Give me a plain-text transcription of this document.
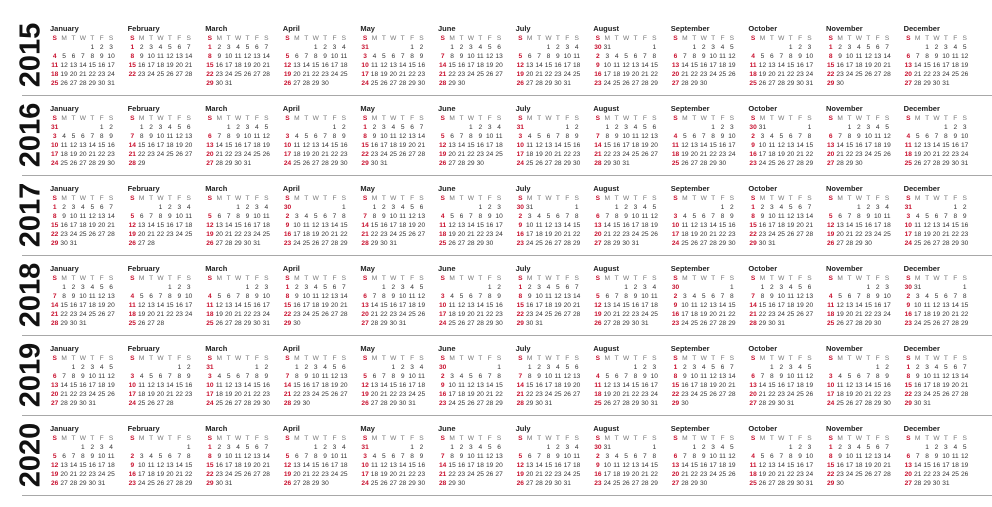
2015 January
S M T W T F S
1 2 3
4 5 6 7 8 9 10
11 12 13 14 15 16 17
18 19 20 21 22 23 24
25 26 27 28 29 30 31
February
S M T W T F S
1 2 3 4 5 6 7
8 9 10 11 12 13 14
15 16 17 18 19 20 21
22 23 24 25 26 27 28
March
S M T W T F S
1 2 3 4 5 6 7
8 9 10 11 12 13 14
15 16 17 18 19 20 21
22 23 24 25 26 27 28
29 30 31
April
S M T W T F S
1 2 3 4
5 6 7 8 9 10 11
12 13 14 15 16 17 18
19 20 21 22 23 24 25
26 27 28 29 30
May
S M T W T F S
1 2
3 4 5 6 7 8 9
10 11 12 13 14 15 16
17 18 19 20 21 22 23
24 25 26 27 28 29 30
31
June
S M T W T F S
1 2 3 4 5 6
7 8 9 10 11 12 13
14 15 16 17 18 19 20
21 22 23 24 25 26 27
28 29 30
July
S M T W T F S
1 2 3 4
5 6 7 8 9 10 11
12 13 14 15 16 17 18
19 20 21 22 23 24 25
26 27 28 29 30 31
August
S M T W T F S
1
2 3 4 5 6 7 8
9 10 11 12 13 14 15
16 17 18 19 20 21 22
23 24 25 26 27 28 29
30 31
September
S M T W T F S
1 2 3 4 5
6 7 8 9 10 11 12
13 14 15 16 17 18 19
20 21 22 23 24 25 26
27 28 29 30
October
S M T W T F S
1 2 3
4 5 6 7 8 9 10
11 12 13 14 15 16 17
18 19 20 21 22 23 24
25 26 27 28 29 30 31
November
S M T W T F S
1 2 3 4 5 6 7
8 9 10 11 12 13 14
15 16 17 18 19 20 21
22 23 24 25 26 27 28
29 30
December
S M T W T F S
1 2 3 4 5
6 7 8 9 10 11 12
13 14 15 16 17 18 19
20 21 22 23 24 25 26
27 28 29 30 31
2016 January
S M T W T F S
1 2
3 4 5 6 7 8 9
10 11 12 13 14 15 16
17 18 19 20 21 22 23
24 25 26 27 28 29 30
31
February
S M T W T F S
1 2 3 4 5 6
7 8 9 10 11 12 13
14 15 16 17 18 19 20
21 22 23 24 25 26 27
28 29
March
S M T W T F S
1 2 3 4 5
6 7 8 9 10 11 12
13 14 15 16 17 18 19
20 21 22 23 24 25 26
27 28 29 30 31
April
S M T W T F S
1 2
3 4 5 6 7 8 9
10 11 12 13 14 15 16
17 18 19 20 21 22 23
24 25 26 27 28 29 30
May
S M T W T F S
1 2 3 4 5 6 7
8 9 10 11 12 13 14
15 16 17 18 19 20 21
22 23 24 25 26 27 28
29 30 31
June
S M T W T F S
1 2 3 4
5 6 7 8 9 10 11
12 13 14 15 16 17 18
19 20 21 22 23 24 25
26 27 28 29 30
July
S M T W T F S
1 2
3 4 5 6 7 8 9
10 11 12 13 14 15 16
17 18 19 20 21 22 23
24 25 26 27 28 29 30
31
August
S M T W T F S
1 2 3 4 5 6
7 8 9 10 11 12 13
14 15 16 17 18 19 20
21 22 23 24 25 26 27
28 29 30 31
September
S M T W T F S
1 2 3
4 5 6 7 8 9 10
11 12 13 14 15 16 17
18 19 20 21 22 23 24
25 26 27 28 29 30
October
S M T W T F S
1
2 3 4 5 6 7 8
9 10 11 12 13 14 15
16 17 18 19 20 21 22
23 24 25 26 27 28 29
30 31
November
S M T W T F S
1 2 3 4 5
6 7 8 9 10 11 12
13 14 15 16 17 18 19
20 21 22 23 24 25 26
27 28 29 30
December
S M T W T F S
1 2 3
4 5 6 7 8 9 10
11 12 13 14 15 16 17
18 19 20 21 22 23 24
25 26 27 28 29 30 31
2017 January
S M T W T F S
1 2 3 4 5 6 7
8 9 10 11 12 13 14
15 16 17 18 19 20 21
22 23 24 25 26 27 28
29 30 31
February
S M T W T F S
1 2 3 4
5 6 7 8 9 10 11
12 13 14 15 16 17 18
19 20 21 22 23 24 25
26 27 28
March
S M T W T F S
1 2 3 4
5 6 7 8 9 10 11
12 13 14 15 16 17 18
19 20 21 22 23 24 25
26 27 28 29 30 31
April
S M T W T F S
1
2 3 4 5 6 7 8
9 10 11 12 13 14 15
16 17 18 19 20 21 22
23 24 25 26 27 28 29
30
May
S M T W T F S
1 2 3 4 5 6
7 8 9 10 11 12 13
14 15 16 17 18 19 20
21 22 23 24 25 26 27
28 29 30 31
June
S M T W T F S
1 2 3
4 5 6 7 8 9 10
11 12 13 14 15 16 17
18 19 20 21 22 23 24
25 26 27 28 29 30
July
S M T W T F S
1
2 3 4 5 6 7 8
9 10 11 12 13 14 15
16 17 18 19 20 21 22
23 24 25 26 27 28 29
30 31
August
S M T W T F S
1 2 3 4 5
6 7 8 9 10 11 12
13 14 15 16 17 18 19
20 21 22 23 24 25 26
27 28 29 30 31
September
S M T W T F S
1 2
3 4 5 6 7 8 9
10 11 12 13 14 15 16
17 18 19 20 21 22 23
24 25 26 27 28 29 30
October
S M T W T F S
1 2 3 4 5 6 7
8 9 10 11 12 13 14
15 16 17 18 19 20 21
22 23 24 25 26 27 28
29 30 31
November
S M T W T F S
1 2 3 4
5 6 7 8 9 10 11
12 13 14 15 16 17 18
19 20 21 22 23 24 25
26 27 28 29 30
December
S M T W T F S
1 2
3 4 5 6 7 8 9
10 11 12 13 14 15 16
17 18 19 20 21 22 23
24 25 26 27 28 29 30
31
2018 January
S M T W T F S
1 2 3 4 5 6
7 8 9 10 11 12 13
14 15 16 17 18 19 20
21 22 23 24 25 26 27
28 29 30 31
February
S M T W T F S
1 2 3
4 5 6 7 8 9 10
11 12 13 14 15 16 17
18 19 20 21 22 23 24
25 26 27 28
March
S M T W T F S
1 2 3
4 5 6 7 8 9 10
11 12 13 14 15 16 17
18 19 20 21 22 23 24
25 26 27 28 29 30 31
April
S M T W T F S
1 2 3 4 5 6 7
8 9 10 11 12 13 14
15 16 17 18 19 20 21
22 23 24 25 26 27 28
29 30
May
S M T W T F S
1 2 3 4 5
6 7 8 9 10 11 12
13 14 15 16 17 18 19
20 21 22 23 24 25 26
27 28 29 30 31
June
S M T W T F S
1 2
3 4 5 6 7 8 9
10 11 12 13 14 15 16
17 18 19 20 21 22 23
24 25 26 27 28 29 30
July
S M T W T F S
1 2 3 4 5 6 7
8 9 10 11 12 13 14
15 16 17 18 19 20 21
22 23 24 25 26 27 28
29 30 31
August
S M T W T F S
1 2 3 4
5 6 7 8 9 10 11
12 13 14 15 16 17 18
19 20 21 22 23 24 25
26 27 28 29 30 31
September
S M T W T F S
1
2 3 4 5 6 7 8
9 10 11 12 13 14 15
16 17 18 19 20 21 22
23 24 25 26 27 28 29
30
October
S M T W T F S
1 2 3 4 5 6
7 8 9 10 11 12 13
14 15 16 17 18 19 20
21 22 23 24 25 26 27
28 29 30 31
November
S M T W T F S
1 2 3
4 5 6 7 8 9 10
11 12 13 14 15 16 17
18 19 20 21 22 23 24
25 26 27 28 29 30
December
S M T W T F S
1
2 3 4 5 6 7 8
9 10 11 12 13 14 15
16 17 18 19 20 21 22
23 24 25 26 27 28 29
30 31
2019 January
S M T W T F S
1 2 3 4 5
6 7 8 9 10 11 12
13 14 15 16 17 18 19
20 21 22 23 24 25 26
27 28 29 30 31
February
S M T W T F S
1 2
3 4 5 6 7 8 9
10 11 12 13 14 15 16
17 18 19 20 21 22 23
24 25 26 27 28
March
S M T W T F S
1 2
3 4 5 6 7 8 9
10 11 12 13 14 15 16
17 18 19 20 21 22 23
24 25 26 27 28 29 30
31
April
S M T W T F S
1 2 3 4 5 6
7 8 9 10 11 12 13
14 15 16 17 18 19 20
21 22 23 24 25 26 27
28 29 30
May
S M T W T F S
1 2 3 4
5 6 7 8 9 10 11
12 13 14 15 16 17 18
19 20 21 22 23 24 25
26 27 28 29 30 31
June
S M T W T F S
1
2 3 4 5 6 7 8
9 10 11 12 13 14 15
16 17 18 19 20 21 22
23 24 25 26 27 28 29
30
July
S M T W T F S
1 2 3 4 5 6
7 8 9 10 11 12 13
14 15 16 17 18 19 20
21 22 23 24 25 26 27
28 29 30 31
August
S M T W T F S
1 2 3
4 5 6 7 8 9 10
11 12 13 14 15 16 17
18 19 20 21 22 23 24
25 26 27 28 29 30 31
September
S M T W T F S
1 2 3 4 5 6 7
8 9 10 11 12 13 14
15 16 17 18 19 20 21
22 23 24 25 26 27 28
29 30
October
S M T W T F S
1 2 3 4 5
6 7 8 9 10 11 12
13 14 15 16 17 18 19
20 21 22 23 24 25 26
27 28 29 30 31
November
S M T W T F S
1 2
3 4 5 6 7 8 9
10 11 12 13 14 15 16
17 18 19 20 21 22 23
24 25 26 27 28 29 30
December
S M T W T F S
1 2 3 4 5 6 7
8 9 10 11 12 13 14
15 16 17 18 19 20 21
22 23 24 25 26 27 28
29 30 31
2020 January
S M T W T F S
1 2 3 4
5 6 7 8 9 10 11
12 13 14 15 16 17 18
19 20 21 22 23 24 25
26 27 28 29 30 31
February
S M T W T F S
1
2 3 4 5 6 7 8
9 10 11 12 13 14 15
16 17 18 19 20 21 22
23 24 25 26 27 28 29
March
S M T W T F S
1 2 3 4 5 6 7
8 9 10 11 12 13 14
15 16 17 18 19 20 21
22 23 24 25 26 27 28
29 30 31
April
S M T W T F S
1 2 3 4
5 6 7 8 9 10 11
12 13 14 15 16 17 18
19 20 21 22 23 24 25
26 27 28 29 30
May
S M T W T F S
1 2
3 4 5 6 7 8 9
10 11 12 13 14 15 16
17 18 19 20 21 22 23
24 25 26 27 28 29 30
31
June
S M T W T F S
1 2 3 4 5 6
7 8 9 10 11 12 13
14 15 16 17 18 19 20
21 22 23 24 25 26 27
28 29 30
July
S M T W T F S
1 2 3 4
5 6 7 8 9 10 11
12 13 14 15 16 17 18
19 20 21 22 23 24 25
26 27 28 29 30 31
August
S M T W T F S
1
2 3 4 5 6 7 8
9 10 11 12 13 14 15
16 17 18 19 20 21 22
23 24 25 26 27 28 29
30 31
September
S M T W T F S
1 2 3 4 5
6 7 8 9 10 11 12
13 14 15 16 17 18 19
20 21 22 23 24 25 26
27 28 29 30
October
S M T W T F S
1 2 3
4 5 6 7 8 9 10
11 12 13 14 15 16 17
18 19 20 21 22 23 24
25 26 27 28 29 30 31
November
S M T W T F S
1 2 3 4 5 6 7
8 9 10 11 12 13 14
15 16 17 18 19 20 21
22 23 24 25 26 27 28
29 30
December
S M T W T F S
1 2 3 4 5
6 7 8 9 10 11 12
13 14 15 16 17 18 19
20 21 22 23 24 25 26
27 28 29 30 31
